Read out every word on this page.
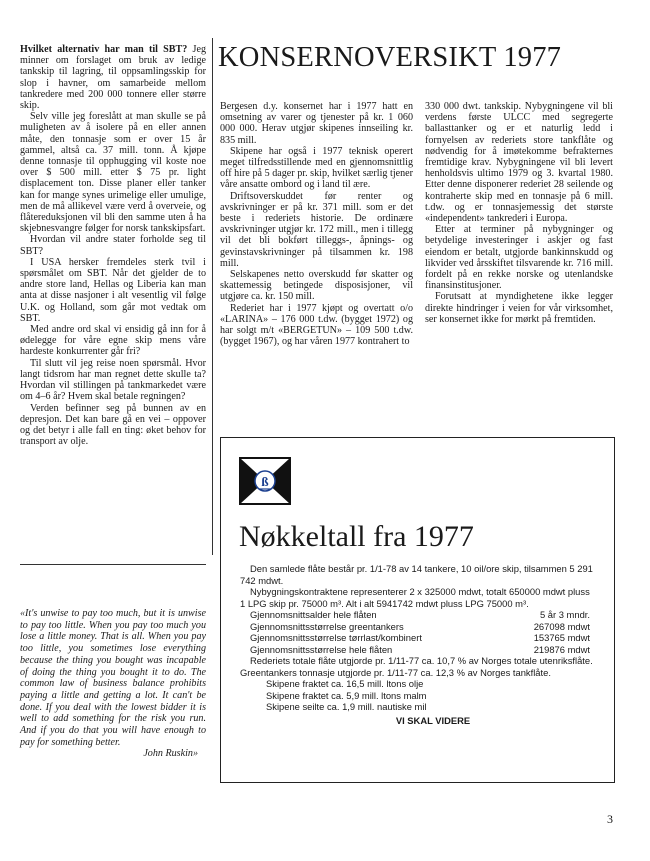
Hvilket alternativ har man til SBT? Jeg minner om forslaget om bruk av ledige tankskip til lagring, til oppsamlingsskip for slop i havner, om samarbeide mellom tankredere med 200 000 tonnere eller større skip.

Selv ville jeg foreslått at man skulle se på muligheten av å isolere på en eller annen måte, den tonnasje som er over 15 år gammel, altså ca. 37 mill. tonn. Å kjøpe denne tonnasje til opphugging vil koste noe over $ 500 mill. etter $ 75 pr. light displacement ton. Disse planer eller tanker kan for mange synes urimelige eller umulige, men de må allikevel være verd å overveie, og flåtereduksjonen vil bli den samme uten å ha skjebnesvangre følger for norsk tankskipsfart.

Hvordan vil andre stater forholde seg til SBT?

I USA hersker fremdeles sterk tvil i spørsmålet om SBT. Når det gjelder de to andre store land, Hellas og Liberia kan man anta at disse nasjoner i alt vesentlig vil følge U.K. og Holland, som går mot vedtak om SBT.

Med andre ord skal vi ensidig gå inn for å ødelegge for våre egne skip mens våre hardeste konkurrenter går fri?

Til slutt vil jeg reise noen spørsmål. Hvor langt tidsrom har man regnet dette skulle ta? Hvordan vil stillingen på tankmarkedet være om 4–6 år? Hvem skal betale regningen?

Verden befinner seg på bunnen av en depresjon. Det kan bare gå en vei – oppover og det betyr i alle fall en ting: øket behov for transport av olje.

«It's unwise to pay too much, but it is unwise to pay too little. When you pay too much you lose a little money. That is all. When you pay too little, you sometimes lose everything because the thing you bought was incapable of doing the thing you bought it to do. The common law of business balance prohibits paying a little and getting a lot. It can't be done. If you deal with the lowest bidder it is well to add something for the risk you run. And if you do that you will have enough to pay for something better.

John Ruskin»

KONSERNOVERSIKT 1977

Bergesen d.y. konsernet har i 1977 hatt en omsetning av varer og tjenester på kr. 1 060 000 000. Herav utgjør skipenes innseiling kr. 835 mill.

Skipene har også i 1977 teknisk operert meget tilfredsstillende med en gjennomsnittlig off hire på 5 dager pr. skip, hvilket særlig tjener våre ansatte ombord og i land til ære.

Driftsoverskuddet før renter og avskrivninger er på kr. 371 mill. som er det beste i rederiets historie. De ordinære avskrivninger utgjør kr. 172 mill., men i tillegg vil det bli bokført tilleggs-, åpnings- og gevinstavskrivninger på tilsammen kr. 198 mill.

Selskapenes netto overskudd før skatter og skattemessig betingede disposisjoner, vil utgjøre ca. kr. 150 mill.

Rederiet har i 1977 kjøpt og overtatt o/o «LARINA» – 176 000 t.dw. (bygget 1972) og har solgt m/t «BERGETUN» – 109 500 t.dw. (bygget 1967), og har våren 1977 kontrahert to

330 000 dwt. tankskip. Nybygningene vil bli verdens første ULCC med segregerte ballasttanker og er et naturlig ledd i fornyelsen av rederiets store tankflåte og nødvendig for å imøtekomme befrakternes fremtidige krav. Nybygningene vil bli levert henholdsvis ultimo 1979 og 3. kvartal 1980. Etter denne disponerer rederiet 28 seilende og kontraherte skip med en tonnasje på 6 mill. t.dw. og er tonnasjemessig det største «independent» tankrederi i Europa.

Etter at terminer på nybygninger og betydelige investeringer i askjer og fast eiendom er betalt, utgjorde bankinnskudd og likvider ved årsskiftet tilsvarende kr. 716 mill. fordelt på en rekke norske og utenlandske finansinstitusjoner.

Forutsatt at myndighetene ikke legger direkte hindringer i veien for vår virksomhet, ser konsernet ikke for mørkt på fremtiden.

ß
Nøkkeltall fra 1977

Den samlede flåte består pr. 1/1-78 av 14 tankere, 10 oil/ore skip, tilsammen 5 291 742 mdwt.

Nybygningskontraktene representerer 2 x 325000 mdwt, totalt 650000 mdwt pluss 1 LPG skip pr. 75000 m³. Alt i alt 5941742 mdwt pluss LPG 75000 m³.

Gjennomsnittsalder hele flåten	5 år 3 mndr.
Gjennomsnittsstørrelse greentankers	267098 mdwt
Gjennomsnittsstørrelse tørrlast/kombinert	153765 mdwt
Gjennomsnittsstørrelse hele flåten	219876 mdwt

Rederiets totale flåte utgjorde pr. 1/11-77 ca. 10,7 % av Norges totale utenriksflåte. Greentankers tonnasje utgjorde pr. 1/11-77 ca. 12,3 % av Norges tankflåte.

Skipene fraktet ca. 16,5 mill. ltons olje
Skipene fraktet ca. 5,9 mill. ltons malm
Skipene seilte ca. 1,9 mill. nautiske mil
VI SKAL VIDERE
3
